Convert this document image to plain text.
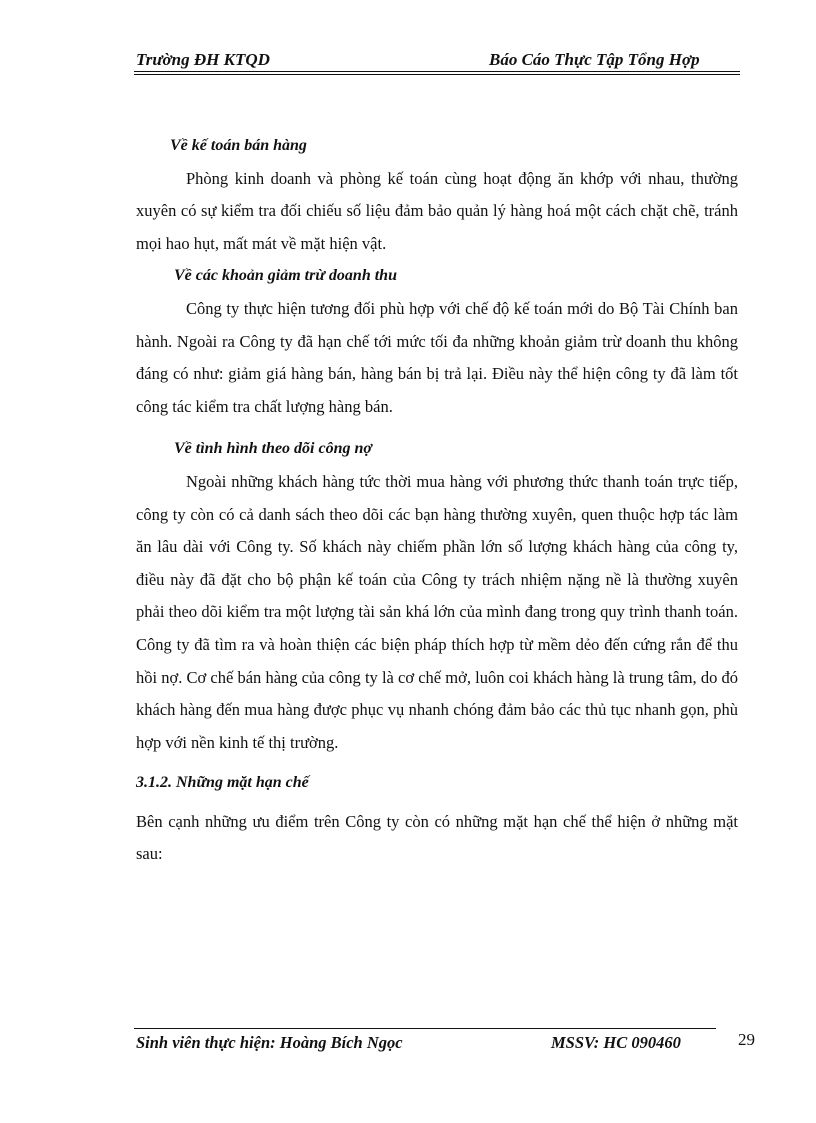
Trường ĐH KTQD	Báo Cáo Thực Tập Tổng Hợp

Về kế toán bán hàng

Phòng kinh doanh và phòng kế toán cùng hoạt động ăn khớp với nhau, thường xuyên có sự kiểm tra đối chiếu số liệu đảm bảo quản lý hàng hoá một cách chặt chẽ, tránh mọi hao hụt, mất mát về mặt hiện vật.

Về các khoản giảm trừ doanh thu

Công ty thực hiện tương đối phù hợp với chế độ kế toán mới do Bộ Tài Chính ban hành. Ngoài ra Công ty đã hạn chế tới mức tối đa những khoản giảm trừ doanh thu không đáng có như: giảm giá hàng bán, hàng bán bị trả lại. Điều này thể hiện công ty đã làm tốt công tác kiểm tra chất lượng hàng bán.

Về tình hình theo dõi công nợ

Ngoài những khách hàng tức thời mua hàng với phương thức thanh toán trực tiếp, công ty còn có cả danh sách theo dõi các bạn hàng thường xuyên, quen thuộc hợp tác làm ăn lâu dài với Công ty. Số khách này chiếm phần lớn số lượng khách hàng của công ty, điều này đã đặt cho bộ phận kế toán của Công ty trách nhiệm nặng nề là thường xuyên phải theo dõi kiểm tra một lượng tài sản khá lớn của mình đang trong quy trình thanh toán. Công ty đã tìm ra và hoàn thiện các biện pháp thích hợp từ mềm dẻo đến cứng rắn để thu hồi nợ. Cơ chế bán hàng của công ty là cơ chế mở, luôn coi khách hàng là trung tâm, do đó khách hàng đến mua hàng được phục vụ nhanh chóng đảm bảo các thủ tục nhanh gọn, phù hợp với nền kinh tế thị trường.

3.1.2. Những mặt hạn chế

Bên cạnh những ưu điểm trên Công ty còn có những mặt hạn chế thể hiện ở những mặt sau:

Sinh viên thực hiện: Hoàng Bích Ngọc	MSSV: HC 090460	29
